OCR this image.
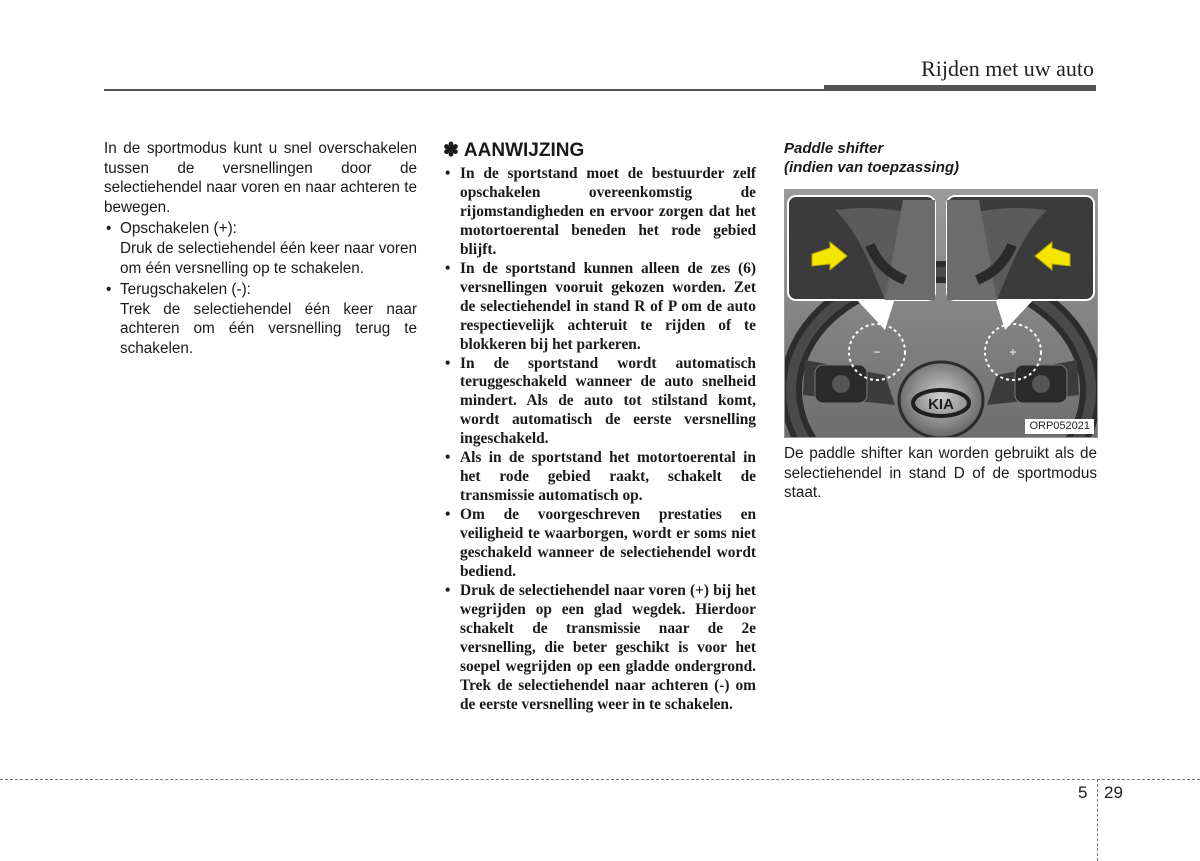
Rijden met uw auto

In de sportmodus kunt u snel overschakelen tussen de versnellingen door de selectiehendel naar voren en naar achteren te bewegen.

• Opschakelen (+):
Druk de selectiehendel één keer naar voren om één versnelling op te schakelen.
• Terugschakelen (-):
Trek de selectiehendel één keer naar achteren om één versnelling terug te schakelen.
✽ AANWIJZING
• In de sportstand moet de bestuurder zelf opschakelen overeenkomstig de rijomstandigheden en ervoor zorgen dat het motortoerental beneden het rode gebied blijft.
• In de sportstand kunnen alleen de zes (6) versnellingen vooruit gekozen worden. Zet de selectiehendel in stand R of P om de auto respectievelijk achteruit te rijden of te blokkeren bij het parkeren.
• In de sportstand wordt automatisch teruggeschakeld wanneer de auto snelheid mindert. Als de auto tot stilstand komt, wordt automatisch de eerste versnelling ingeschakeld.
• Als in de sportstand het motortoerental in het rode gebied raakt, schakelt de transmissie automatisch op.
• Om de voorgeschreven prestaties en veiligheid te waarborgen, wordt er soms niet geschakeld wanneer de selectiehendel wordt bediend.
• Druk de selectiehendel naar voren (+) bij het wegrijden op een glad wegdek. Hierdoor schakelt de transmissie naar de 2e versnelling, die beter geschikt is voor het soepel wegrijden op een gladde ondergrond. Trek de selectiehendel naar achteren (-) om de eerste versnelling weer in te schakelen.

Paddle shifter

(indien van toepzassing)

KIA
−	+
ORP052021

De paddle shifter kan worden gebruikt als de selectiehendel in stand D of de sportmodus staat.

5 29
